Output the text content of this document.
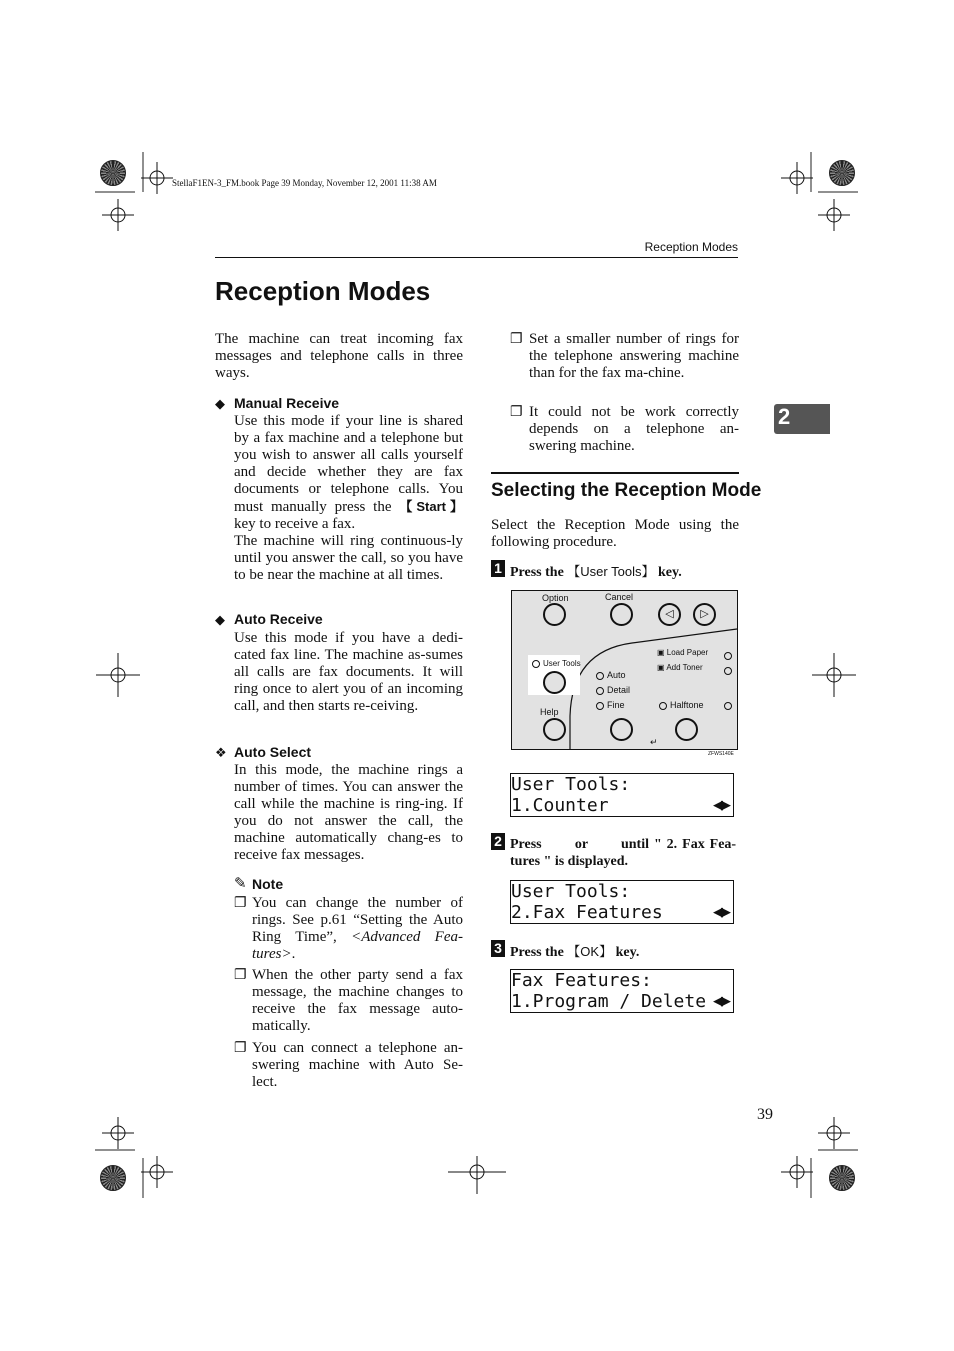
StellaF1EN-3_FM.book Page 39 Monday, November 12, 2001 11:38 AM
Reception Modes
Reception Modes
The machine can treat incoming fax messages and telephone calls in three ways.
◆ Manual Receive
Use this mode if your line is shared by a fax machine and a telephone but you wish to answer all calls yourself and decide whether they are fax documents or telephone calls. You must manually press the 【Start】 key to receive a fax.
The machine will ring continuous-ly until you answer the call, so you have to be near the machine at all times.
◆ Auto Receive
Use this mode if you have a dedi-cated fax line. The machine as-sumes all calls are fax documents. It will ring once to alert you of an incoming call, and then starts re-ceiving.
❖ Auto Select
In this mode, the machine rings a number of times. You can answer the call while the machine is ring-ing. If you do not answer the call, the machine automatically chang-es to receive fax messages.
✎ Note
❐ You can change the number of rings. See p.61 “Setting the Auto Ring Time”, <Advanced Fea-tures>.
❐ When the other party send a fax message, the machine changes to receive the fax message auto-matically.
❐ You can connect a telephone an-swering machine with Auto Se-lect.
❐ Set a smaller number of rings for the telephone answering machine than for the fax ma-chine.
❐ It could not be work correctly depends on a telephone an-swering machine.
Selecting the Reception Mode
Select the Reception Mode using the following procedure.
1 Press the 【User Tools】 key.
Option	Cancel
◁	▷
User Tools
Auto
Detail
Fine
▣ Load Paper
▣ Add Toner
Help
Halftone
↵
ZFWS140E
User Tools:
1.Counter	◀▶
2 Press ◁⃝ or ▷⃝ until " 2. Fax Fea-tures " is displayed.
User Tools:
2.Fax Features	◀▶
3 Press the 【OK】 key.
Fax Features:
1.Program / Delete ◀▶
2
39
